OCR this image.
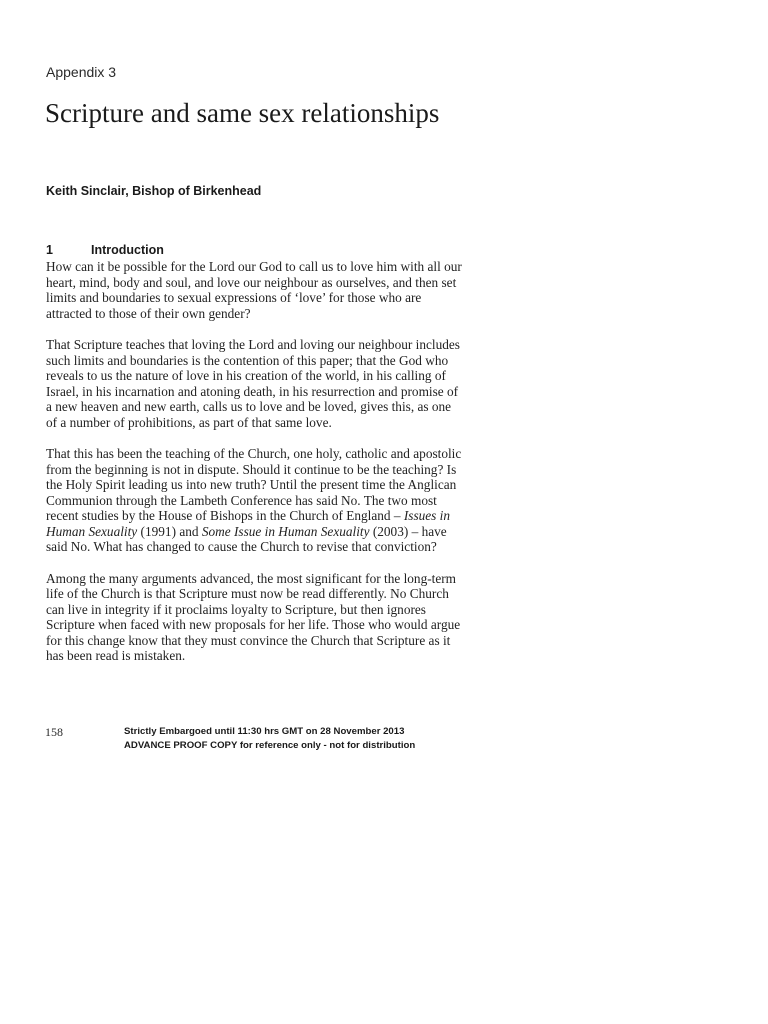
Appendix 3
Scripture and same sex relationships
Keith Sinclair, Bishop of Birkenhead
1	Introduction

How can it be possible for the Lord our God to call us to love him with all our heart, mind, body and soul, and love our neighbour as ourselves, and then set limits and boundaries to sexual expressions of ‘love’ for those who are attracted to those of their own gender?

That Scripture teaches that loving the Lord and loving our neighbour includes such limits and boundaries is the contention of this paper; that the God who reveals to us the nature of love in his creation of the world, in his calling of Israel, in his incarnation and atoning death, in his resurrection and promise of a new heaven and new earth, calls us to love and be loved, gives this, as one of a number of prohibitions, as part of that same love.

That this has been the teaching of the Church, one holy, catholic and apostolic from the beginning is not in dispute. Should it continue to be the teaching? Is the Holy Spirit leading us into new truth? Until the present time the Anglican Communion through the Lambeth Conference has said No. The two most recent studies by the House of Bishops in the Church of England – Issues in Human Sexuality (1991) and Some Issue in Human Sexuality (2003) – have said No. What has changed to cause the Church to revise that conviction?

Among the many arguments advanced, the most significant for the long-term life of the Church is that Scripture must now be read differently. No Church can live in integrity if it proclaims loyalty to Scripture, but then ignores Scripture when faced with new proposals for her life. Those who would argue for this change know that they must convince the Church that Scripture as it has been read is mistaken.

158	Strictly Embargoed until 11:30 hrs GMT on 28 November 2013
ADVANCE PROOF COPY for reference only - not for distribution
